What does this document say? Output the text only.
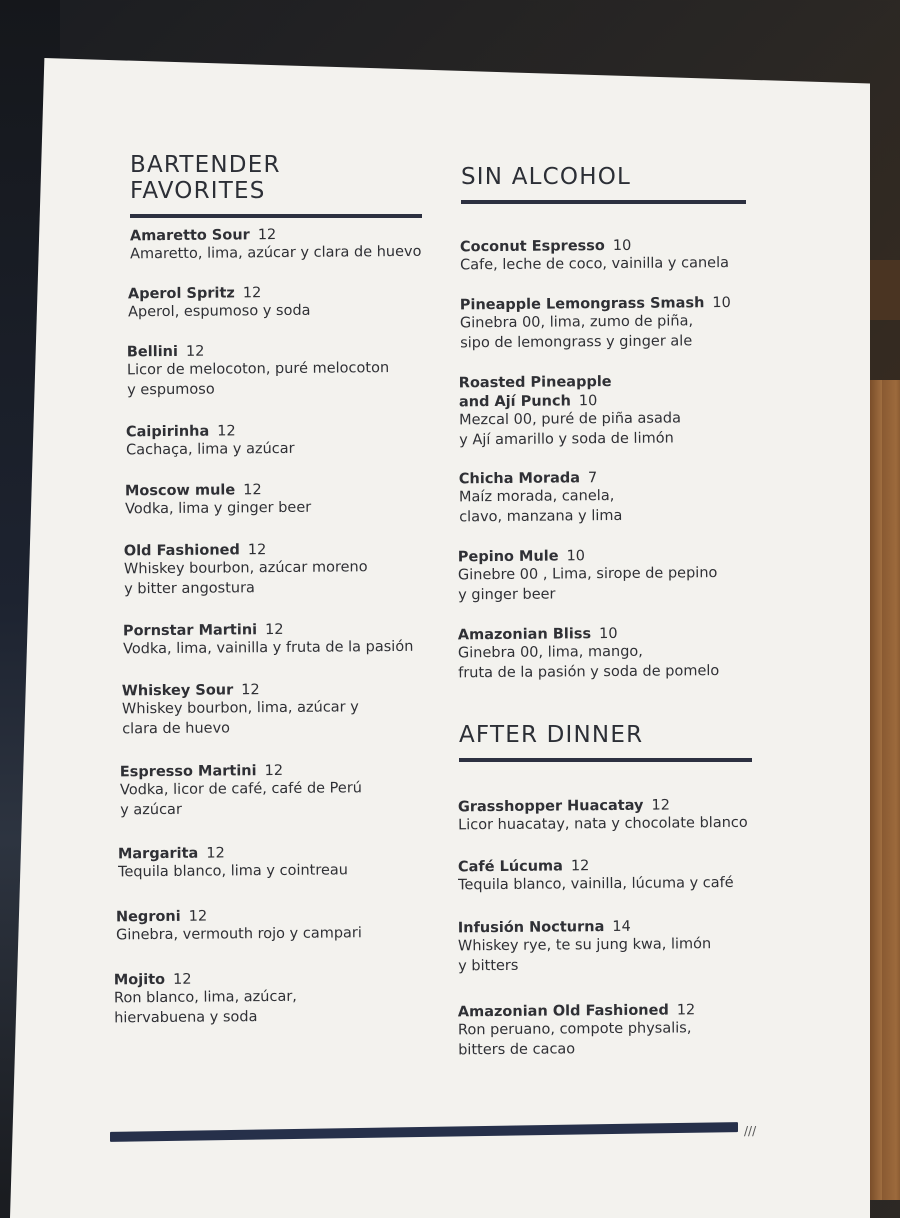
BARTENDER FAVORITES
Amaretto Sour 12
Amaretto, lima, azúcar y clara de huevo
Aperol Spritz 12
Aperol, espumoso y soda
Bellini 12
Licor de melocoton, puré melocoton
y espumoso
Caipirinha 12
Cachaça, lima y azúcar
Moscow mule 12
Vodka, lima y ginger beer
Old Fashioned 12
Whiskey bourbon, azúcar moreno
y bitter angostura
Pornstar Martini 12
Vodka, lima, vainilla y fruta de la pasión
Whiskey Sour 12
Whiskey bourbon, lima, azúcar y
clara de huevo
Espresso Martini 12
Vodka, licor de café, café de Perú
y azúcar
Margarita 12
Tequila blanco, lima y cointreau
Negroni 12
Ginebra, vermouth rojo y campari
Mojito 12
Ron blanco, lima, azúcar,
hiervabuena y soda
SIN ALCOHOL
Coconut Espresso 10
Cafe, leche de coco, vainilla y canela
Pineapple Lemongrass Smash 10
Ginebra 00, lima, zumo de piña,
sipo de lemongrass y ginger ale
Roasted Pineapple
and Ají Punch 10
Mezcal 00, puré de piña asada
y Ají amarillo y soda de limón
Chicha Morada 7
Maíz morada, canela,
clavo, manzana y lima
Pepino Mule 10
Ginebre 00 , Lima, sirope de pepino
y ginger beer
Amazonian Bliss 10
Ginebra 00, lima, mango,
fruta de la pasión y soda de pomelo
AFTER DINNER
Grasshopper Huacatay 12
Licor huacatay, nata y chocolate blanco
Café Lúcuma 12
Tequila blanco, vainilla, lúcuma y café
Infusión Nocturna 14
Whiskey rye, te su jung kwa, limón
y bitters
Amazonian Old Fashioned 12
Ron peruano, compote physalis,
bitters de cacao
///
